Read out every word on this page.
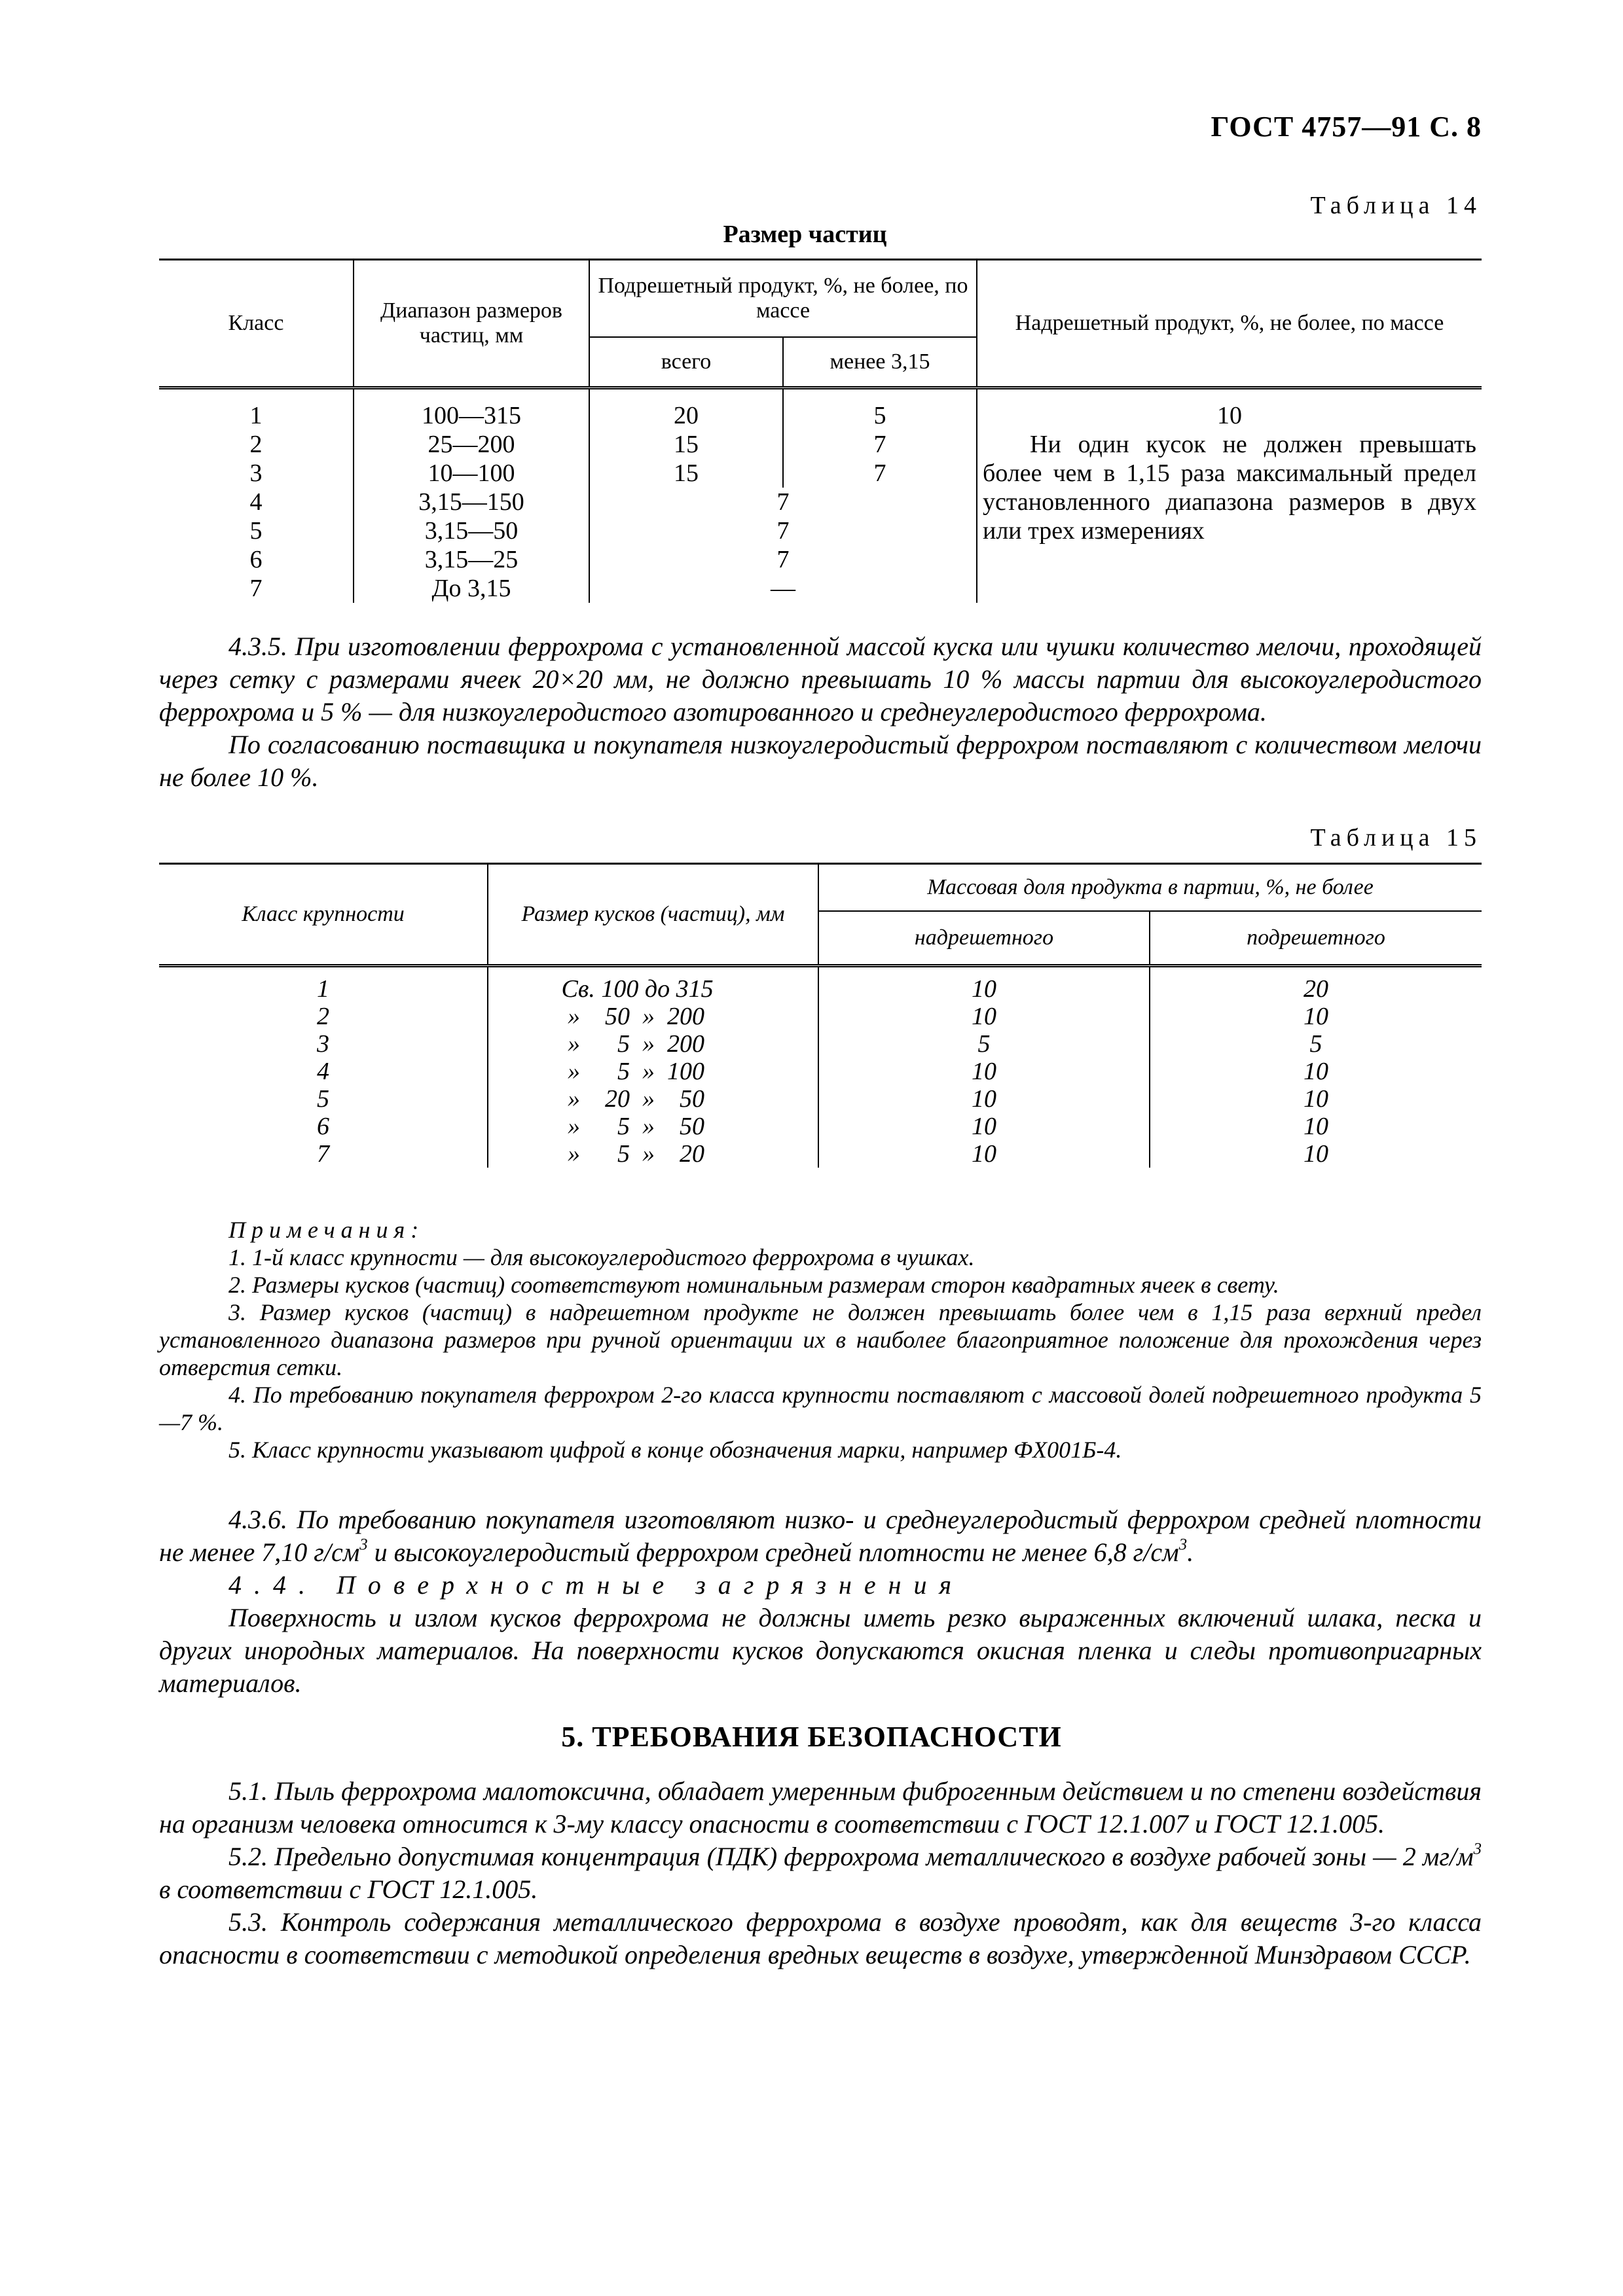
ГОСТ 4757—91 С. 8
Таблица 14
Размер частиц
Класс	Диапазон размеров частиц, мм	Подрешетный продукт, %, не более, по массе		Надрешетный продукт, %, не более, по массе
		всего	менее 3,15	

1	100—315	20	5	10
Ни один кусок не должен превышать более чем в 1,15 раза максимальный предел установленного диапазона размеров в двух или трех измерениях

2	25—200	15	7	
3	10—100	15	7	
4	3,15—150	7		
5	3,15—50	7		
6	3,15—25	7		
7	До 3,15	—		

4.3.5. При изготовлении феррохрома с установленной массой куска или чушки количество мелочи, проходящей через сетку с размерами ячеек 20×20 мм, не должно превышать 10 % массы партии для высокоуглеродистого феррохрома и 5 % — для низкоуглеродистого азотированного и среднеуглеродистого феррохрома.

По согласованию поставщика и покупателя низкоуглеродистый феррохром поставляют с количеством мелочи не более 10 %.

Таблица 15
Класс крупности	Размер кусков (частиц), мм	Массовая доля продукта в партии, %, не более	
		надрешетного	подрешетного

1	Св. 100 до 315	10	20
2	»    50  »  200	10	10
3	»      5  »  200	5	5
4	»      5  »  100	10	10
5	»    20  »    50	10	10
6	»      5  »    50	10	10
7	»      5  »    20	10	10

Примечания:

1. 1-й класс крупности — для высокоуглеродистого феррохрома в чушках.

2. Размеры кусков (частиц) соответствуют номинальным размерам сторон квадратных ячеек в свету.

3. Размер кусков (частиц) в надрешетном продукте не должен превышать более чем в 1,15 раза верхний предел установленного диапазона размеров при ручной ориентации их в наиболее благоприятное положение для прохождения через отверстия сетки.

4. По требованию покупателя феррохром 2-го класса крупности поставляют с массовой долей подрешетного продукта 5—7 %.

5. Класс крупности указывают цифрой в конце обозначения марки, например ФХ001Б-4.

4.3.6. По требованию покупателя изготовляют низко- и среднеуглеродистый феррохром средней плотности не менее 7,10 $г/см^3$ и высокоуглеродистый феррохром средней плотности не менее 6,8 $г/см^3$.

4.4. Поверхностные загрязнения

Поверхность и излом кусков феррохрома не должны иметь резко выраженных включений шлака, песка и других инородных материалов. На поверхности кусков допускаются окисная пленка и следы противопригарных материалов.

5. ТРЕБОВАНИЯ БЕЗОПАСНОСТИ

5.1. Пыль феррохрома малотоксична, обладает умеренным фиброгенным действием и по степени воздействия на организм человека относится к 3-му классу опасности в соответствии с ГОСТ 12.1.007 и ГОСТ 12.1.005.

5.2. Предельно допустимая концентрация (ПДК) феррохрома металлического в воздухе рабочей зоны — 2 $мг/м^3$ в соответствии с ГОСТ 12.1.005.

5.3. Контроль содержания металлического феррохрома в воздухе проводят, как для веществ 3-го класса опасности в соответствии с методикой определения вредных веществ в воздухе, утвержденной Минздравом СССР.
